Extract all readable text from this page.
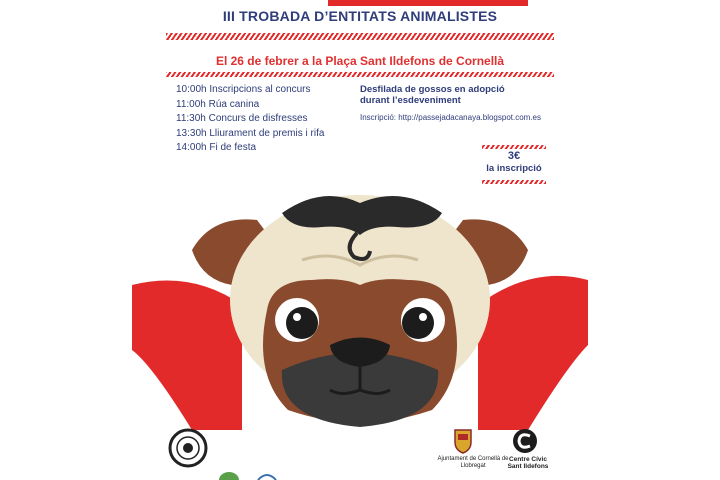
III TROBADA D’ENTITATS ANIMALISTES
El 26 de febrer a la Plaça Sant Ildefons de Cornellà
10:00h Inscripcions al concurs
11:00h Rúa canina
11:30h Concurs de disfresses
13:30h Lliurament de premis i rifa
14:00h Fi de festa
Desfilada de gossos en adopció
durant l’esdeveniment
Inscripció: http://passejadacanaya.blogspot.com.es
3€
la inscripció
Ajuntament de Cornellà de Llobregat
Centre Cívic
Sant Ildefons
